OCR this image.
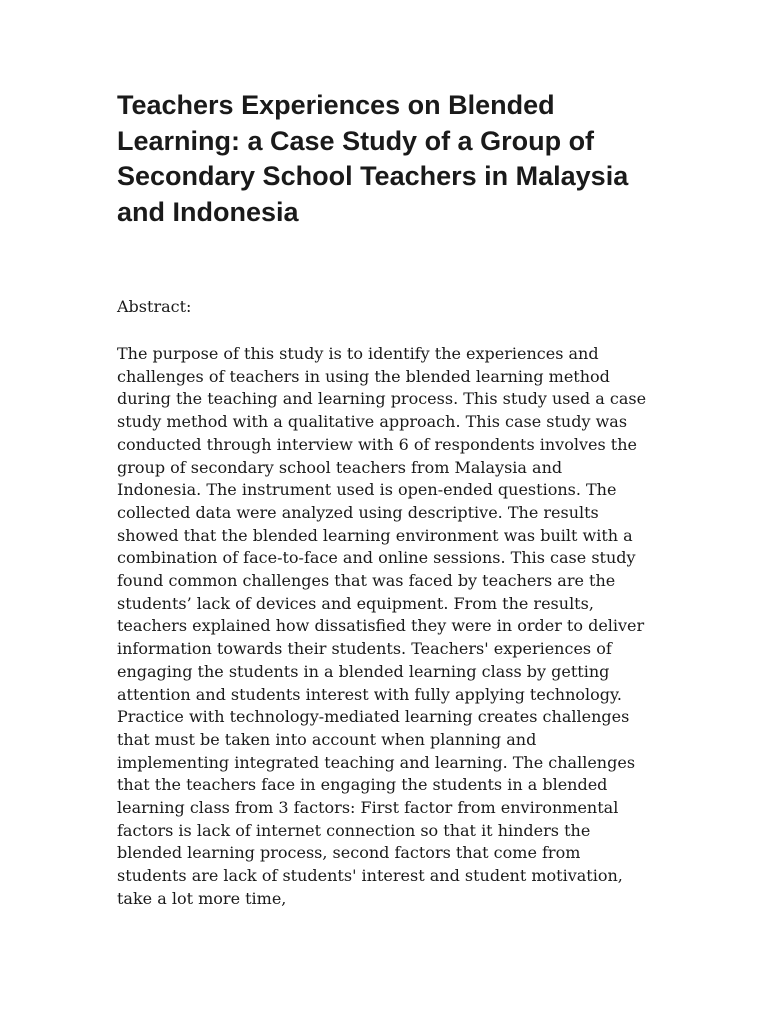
Teachers Experiences on Blended Learning: a Case Study of a Group of Secondary School Teachers in Malaysia and Indonesia

Abstract:

The purpose of this study is to identify the experiences and challenges of teachers in using the blended learning method during the teaching and learning process. This study used a case study method with a qualitative approach. This case study was conducted through interview with 6 of respondents involves the group of secondary school teachers from Malaysia and Indonesia. The instrument used is open-ended questions. The collected data were analyzed using descriptive. The results showed that the blended learning environment was built with a combination of face-to-face and online sessions. This case study found common challenges that was faced by teachers are the students’ lack of devices and equipment. From the results, teachers explained how dissatisfied they were in order to deliver information towards their students. Teachers' experiences of engaging the students in a blended learning class by getting attention and students interest with fully applying technology. Practice with technology-mediated learning creates challenges that must be taken into account when planning and implementing integrated teaching and learning. The challenges that the teachers face in engaging the students in a blended learning class from 3 factors: First factor from environmental factors is lack of internet connection so that it hinders the blended learning process, second factors that come from students are lack of students' interest and student motivation, take a lot more time,
